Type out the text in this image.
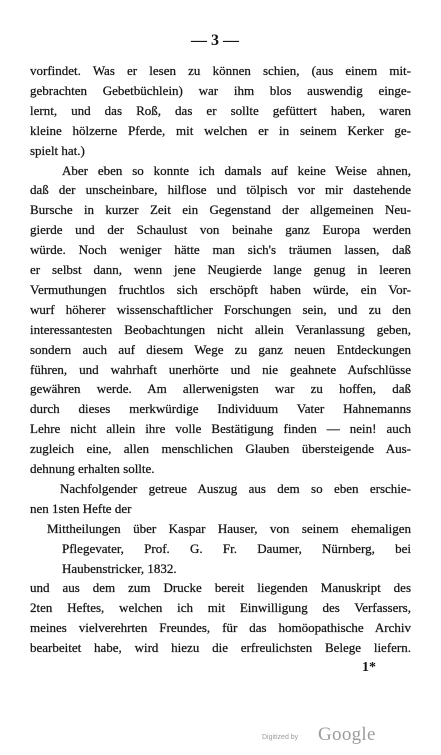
— 3 —
vorfindet. Was er lesen zu können schien, (aus einem mit-
gebrachten Gebetbüchlein) war ihm blos auswendig einge-
lernt, und das Roß, das er sollte gefüttert haben, waren
kleine hölzerne Pferde, mit welchen er in seinem Kerker ge-
spielt hat.)
Aber eben so konnte ich damals auf keine Weise ahnen,
daß der unscheinbare, hilflose und tölpisch vor mir dastehende
Bursche in kurzer Zeit ein Gegenstand der allgemeinen Neu-
gierde und der Schaulust von beinahe ganz Europa werden
würde. Noch weniger hätte man sich's träumen lassen, daß
er selbst dann, wenn jene Neugierde lange genug in leeren
Vermuthungen fruchtlos sich erschöpft haben würde, ein Vor-
wurf höherer wissenschaftlicher Forschungen sein, und zu den
interessantesten Beobachtungen nicht allein Veranlassung geben,
sondern auch auf diesem Wege zu ganz neuen Entdeckungen
führen, und wahrhaft unerhörte und nie geahnete Aufschlüsse
gewähren werde. Am allerwenigsten war zu hoffen, daß
durch dieses merkwürdige Individuum Vater Hahnemanns
Lehre nicht allein ihre volle Bestätigung finden — nein! auch
zugleich eine, allen menschlichen Glauben übersteigende Aus-
dehnung erhalten sollte.
Nachfolgender getreue Auszug aus dem so eben erschie-
nen 1sten Hefte der
Mittheilungen über Kaspar Hauser, von seinem ehemaligen
Pflegevater, Prof. G. Fr. Daumer, Nürnberg, bei
Haubenstricker, 1832.
und aus dem zum Drucke bereit liegenden Manuskript des
2ten Heftes, welchen ich mit Einwilligung des Verfassers,
meines vielverehrten Freundes, für das homöopathische Archiv
bearbeitet habe, wird hiezu die erfreulichsten Belege liefern.
1*
Digitized by	Google
